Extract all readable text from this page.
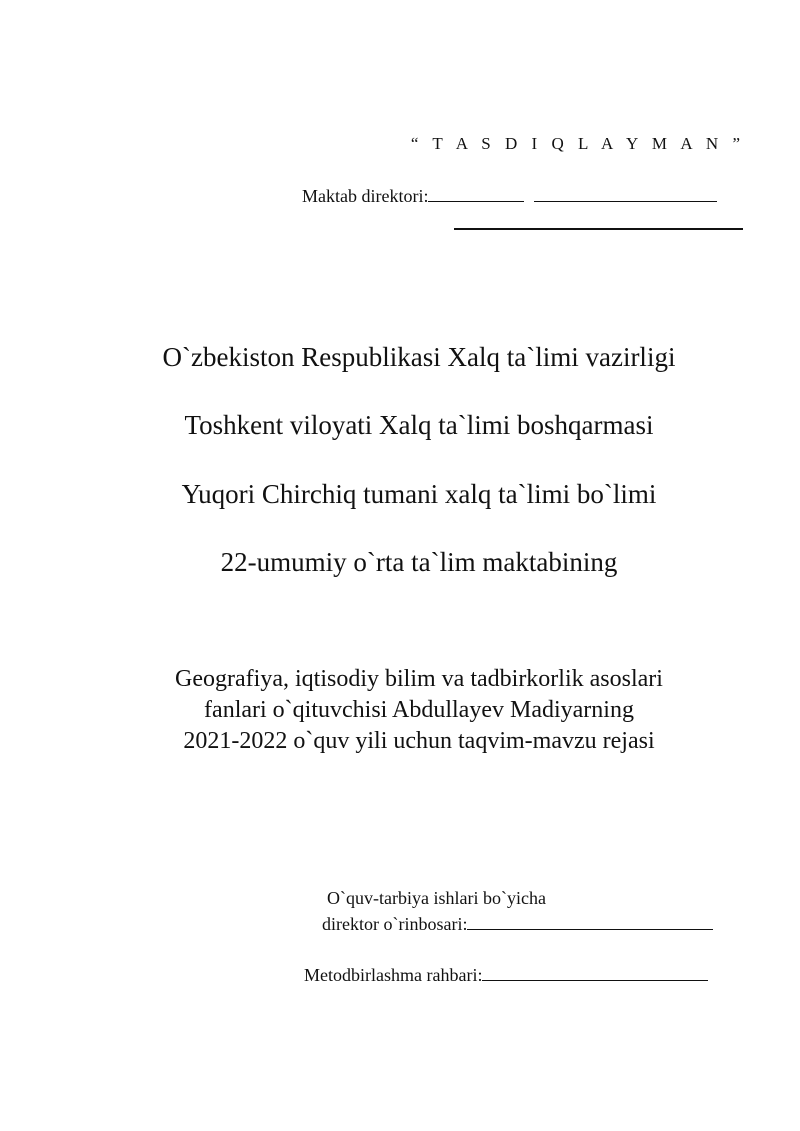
“ T A S D I Q L A Y M A N ”
Maktab direktori:
O`zbekiston Respublikasi Xalq ta`limi vazirligi
Toshkent viloyati Xalq ta`limi boshqarmasi
Yuqori Chirchiq tumani xalq ta`limi bo`limi
22-umumiy o`rta ta`lim maktabining
Geografiya, iqtisodiy bilim va tadbirkorlik asoslari
fanlari o`qituvchisi Abdullayev Madiyarning
2021-2022 o`quv yili uchun taqvim-mavzu rejasi
O`quv-tarbiya ishlari bo`yicha
direktor o`rinbosari:
Metodbirlashma rahbari:
